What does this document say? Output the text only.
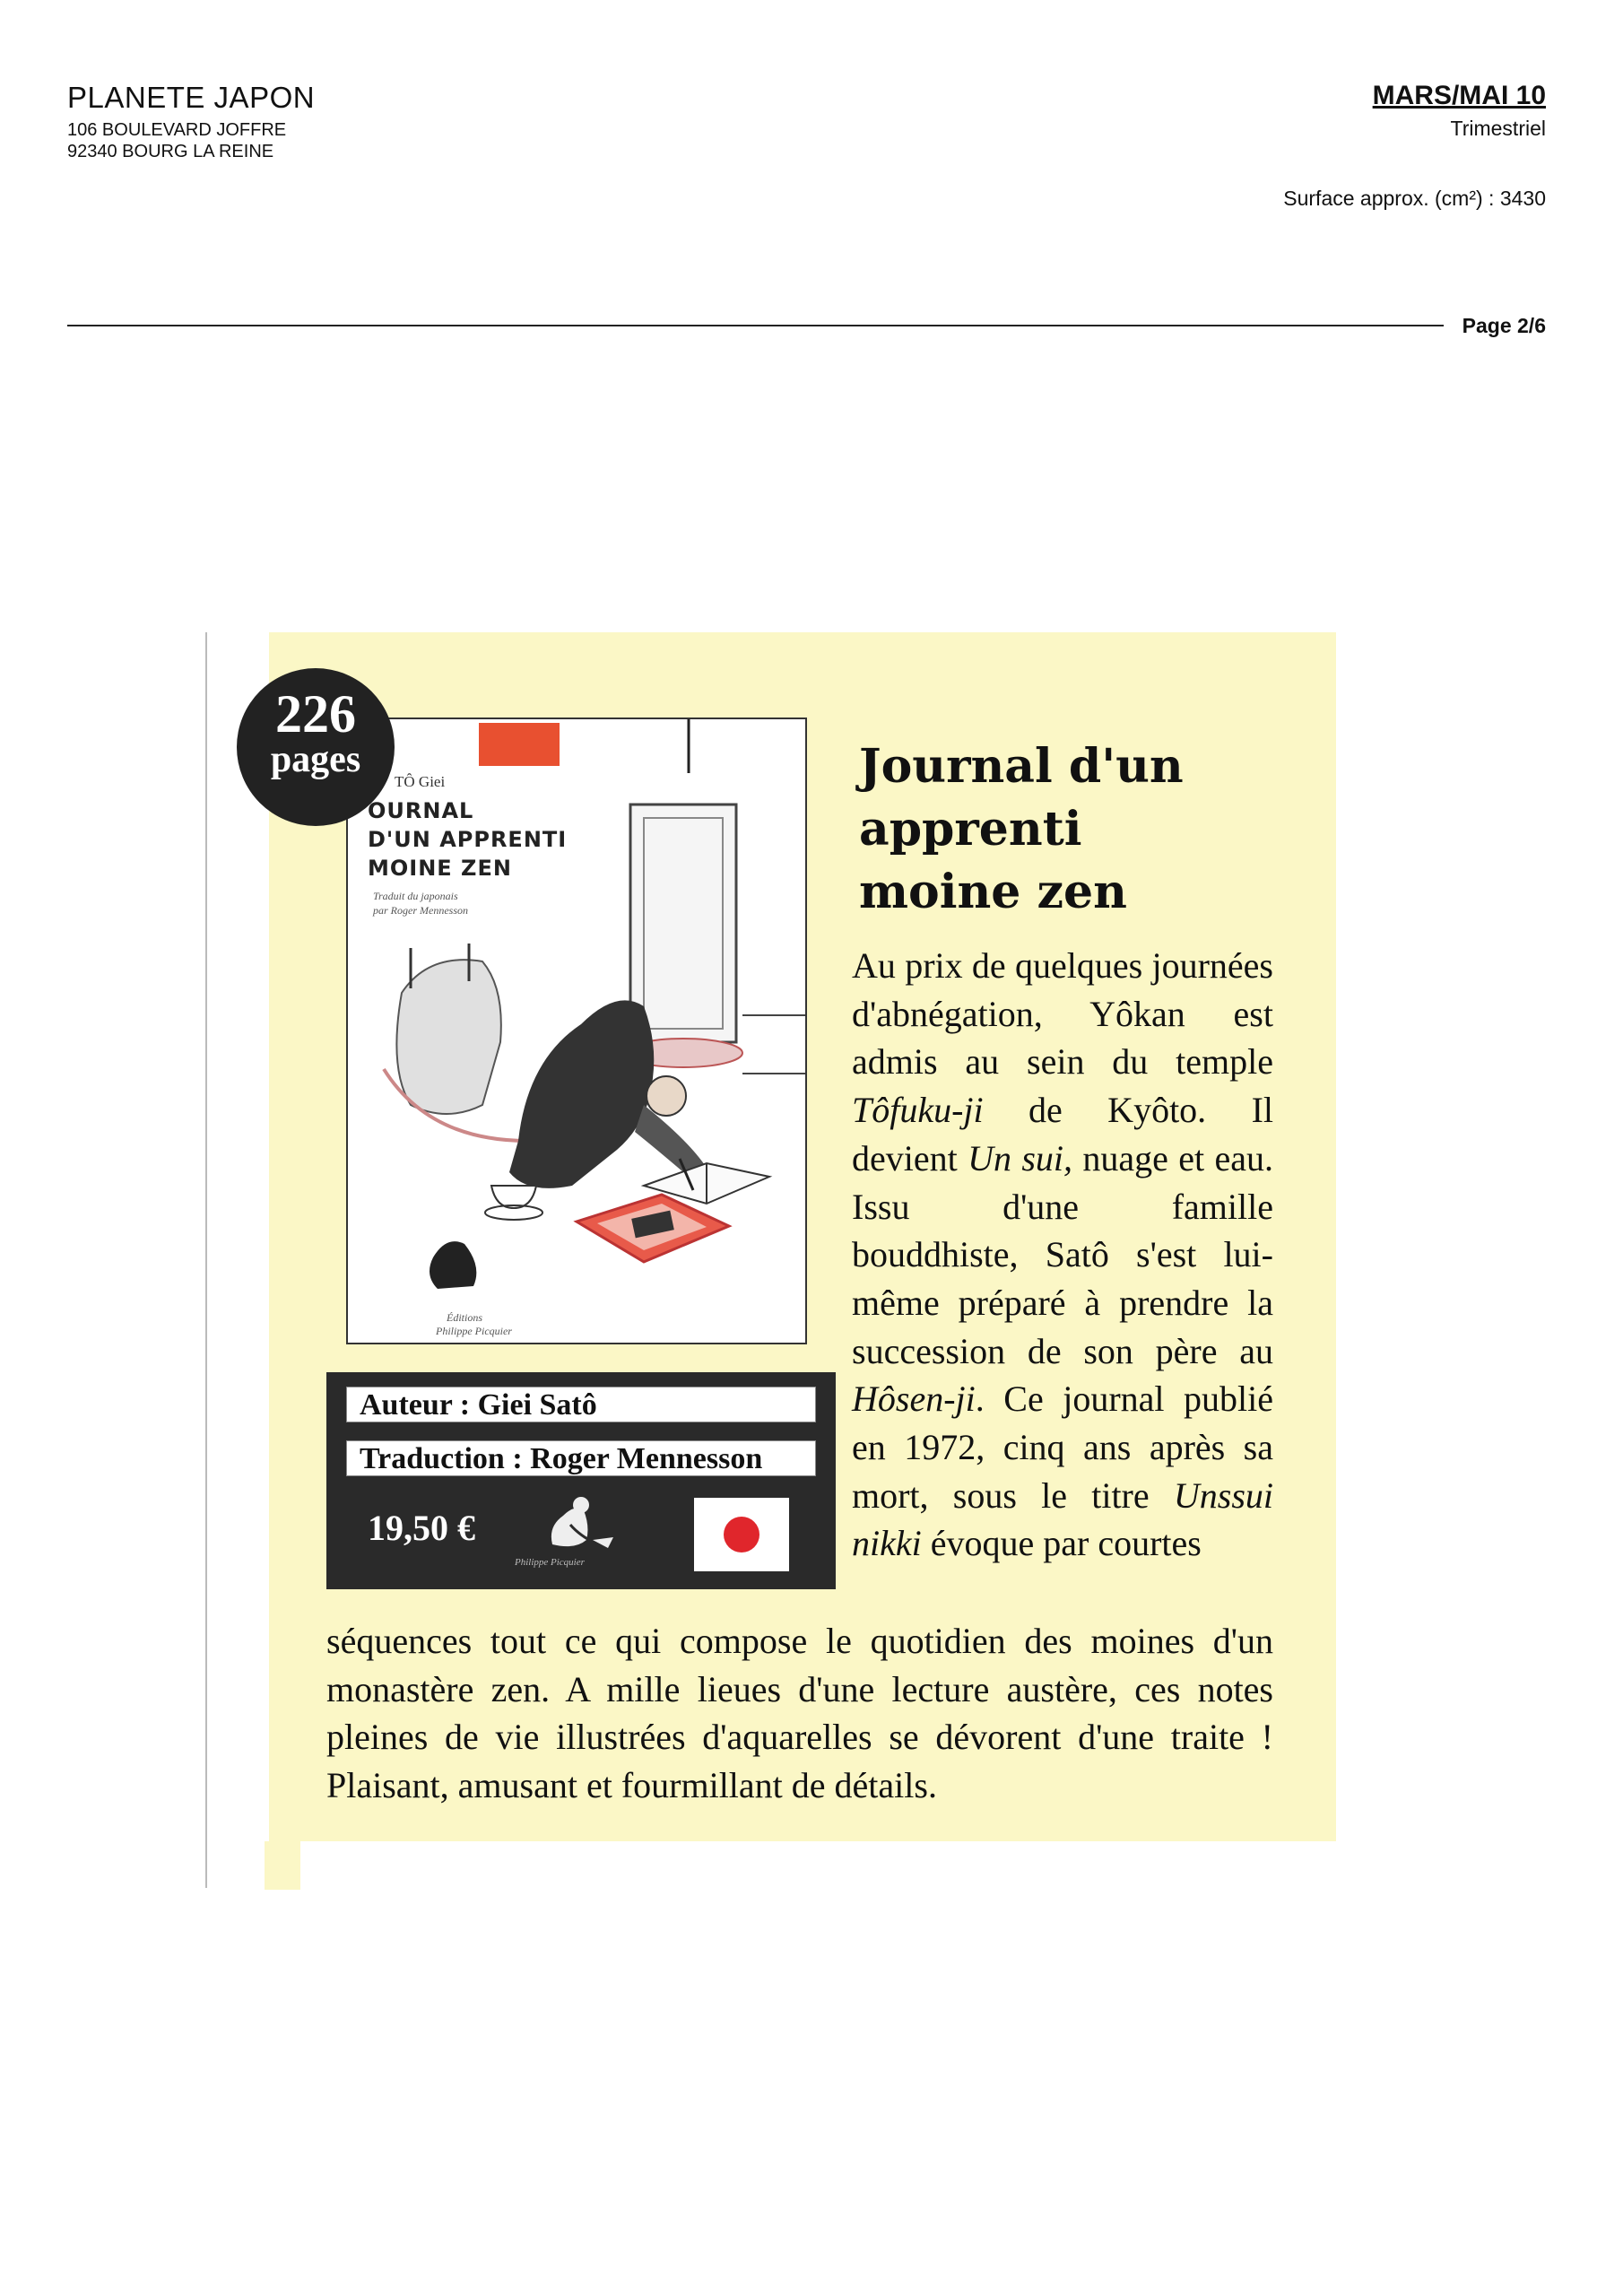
PLANETE JAPON
106 BOULEVARD JOFFRE
92340 BOURG LA REINE
MARS/MAI 10
Trimestriel
Surface approx. (cm²) : 3430
Page 2/6
TÔ Giei
OURNAL
D'UN APPRENTI
MOINE ZEN
Traduit du japonais
par Roger Mennesson
Éditions
Philippe Picquier
226
pages
Auteur : Giei Satô
Traduction : Roger Mennesson
19,50 €
Philippe Picquier
Journal d'un
apprenti
moine zen
Au prix de quelques journées d'abnégation, Yôkan est admis au sein du temple Tôfuku-ji de Kyôto. Il devient Un sui, nuage et eau. Issu d'une famille bouddhiste, Satô s'est lui-même préparé à prendre la succession de son père au Hôsen-ji. Ce journal publié en 1972, cinq ans après sa mort, sous le titre Unssui nikki évoque par courtes
séquences tout ce qui compose le quotidien des moines d'un monastère zen. A mille lieues d'une lecture austère, ces notes pleines de vie illustrées d'aquarelles se dévorent d'une traite ! Plaisant, amusant et fourmillant de détails.
